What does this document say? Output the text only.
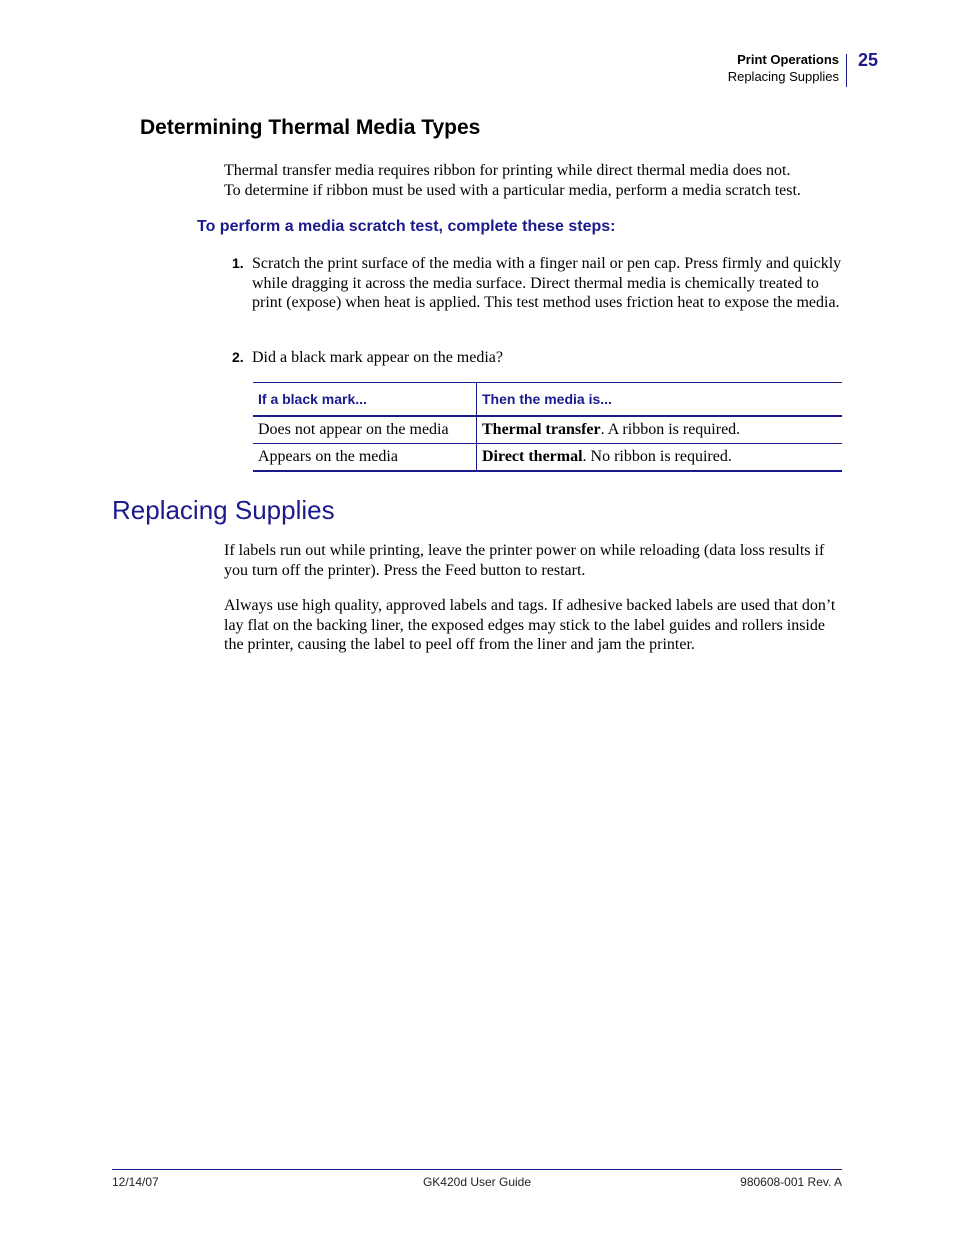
Print Operations
Replacing Supplies
25
Determining Thermal Media Types

Thermal transfer media requires ribbon for printing while direct thermal media does not.

To determine if ribbon must be used with a particular media, perform a media scratch test.

To perform a media scratch test, complete these steps:

1. Scratch the print surface of the media with a finger nail or pen cap. Press firmly and quickly while dragging it across the media surface. Direct thermal media is chemically treated to print (expose) when heat is applied. This test method uses friction heat to expose the media.
2. Did a black mark appear on the media?
If a black mark...	Then the media is...
Does not appear on the media	Thermal transfer. A ribbon is required.
Appears on the media	Direct thermal. No ribbon is required.
Replacing Supplies

If labels run out while printing, leave the printer power on while reloading (data loss results if you turn off the printer). Press the Feed button to restart.

Always use high quality, approved labels and tags. If adhesive backed labels are used that don’t lay flat on the backing liner, the exposed edges may stick to the label guides and rollers inside the printer, causing the label to peel off from the liner and jam the printer.

12/14/07	GK420d User Guide	980608-001 Rev. A
